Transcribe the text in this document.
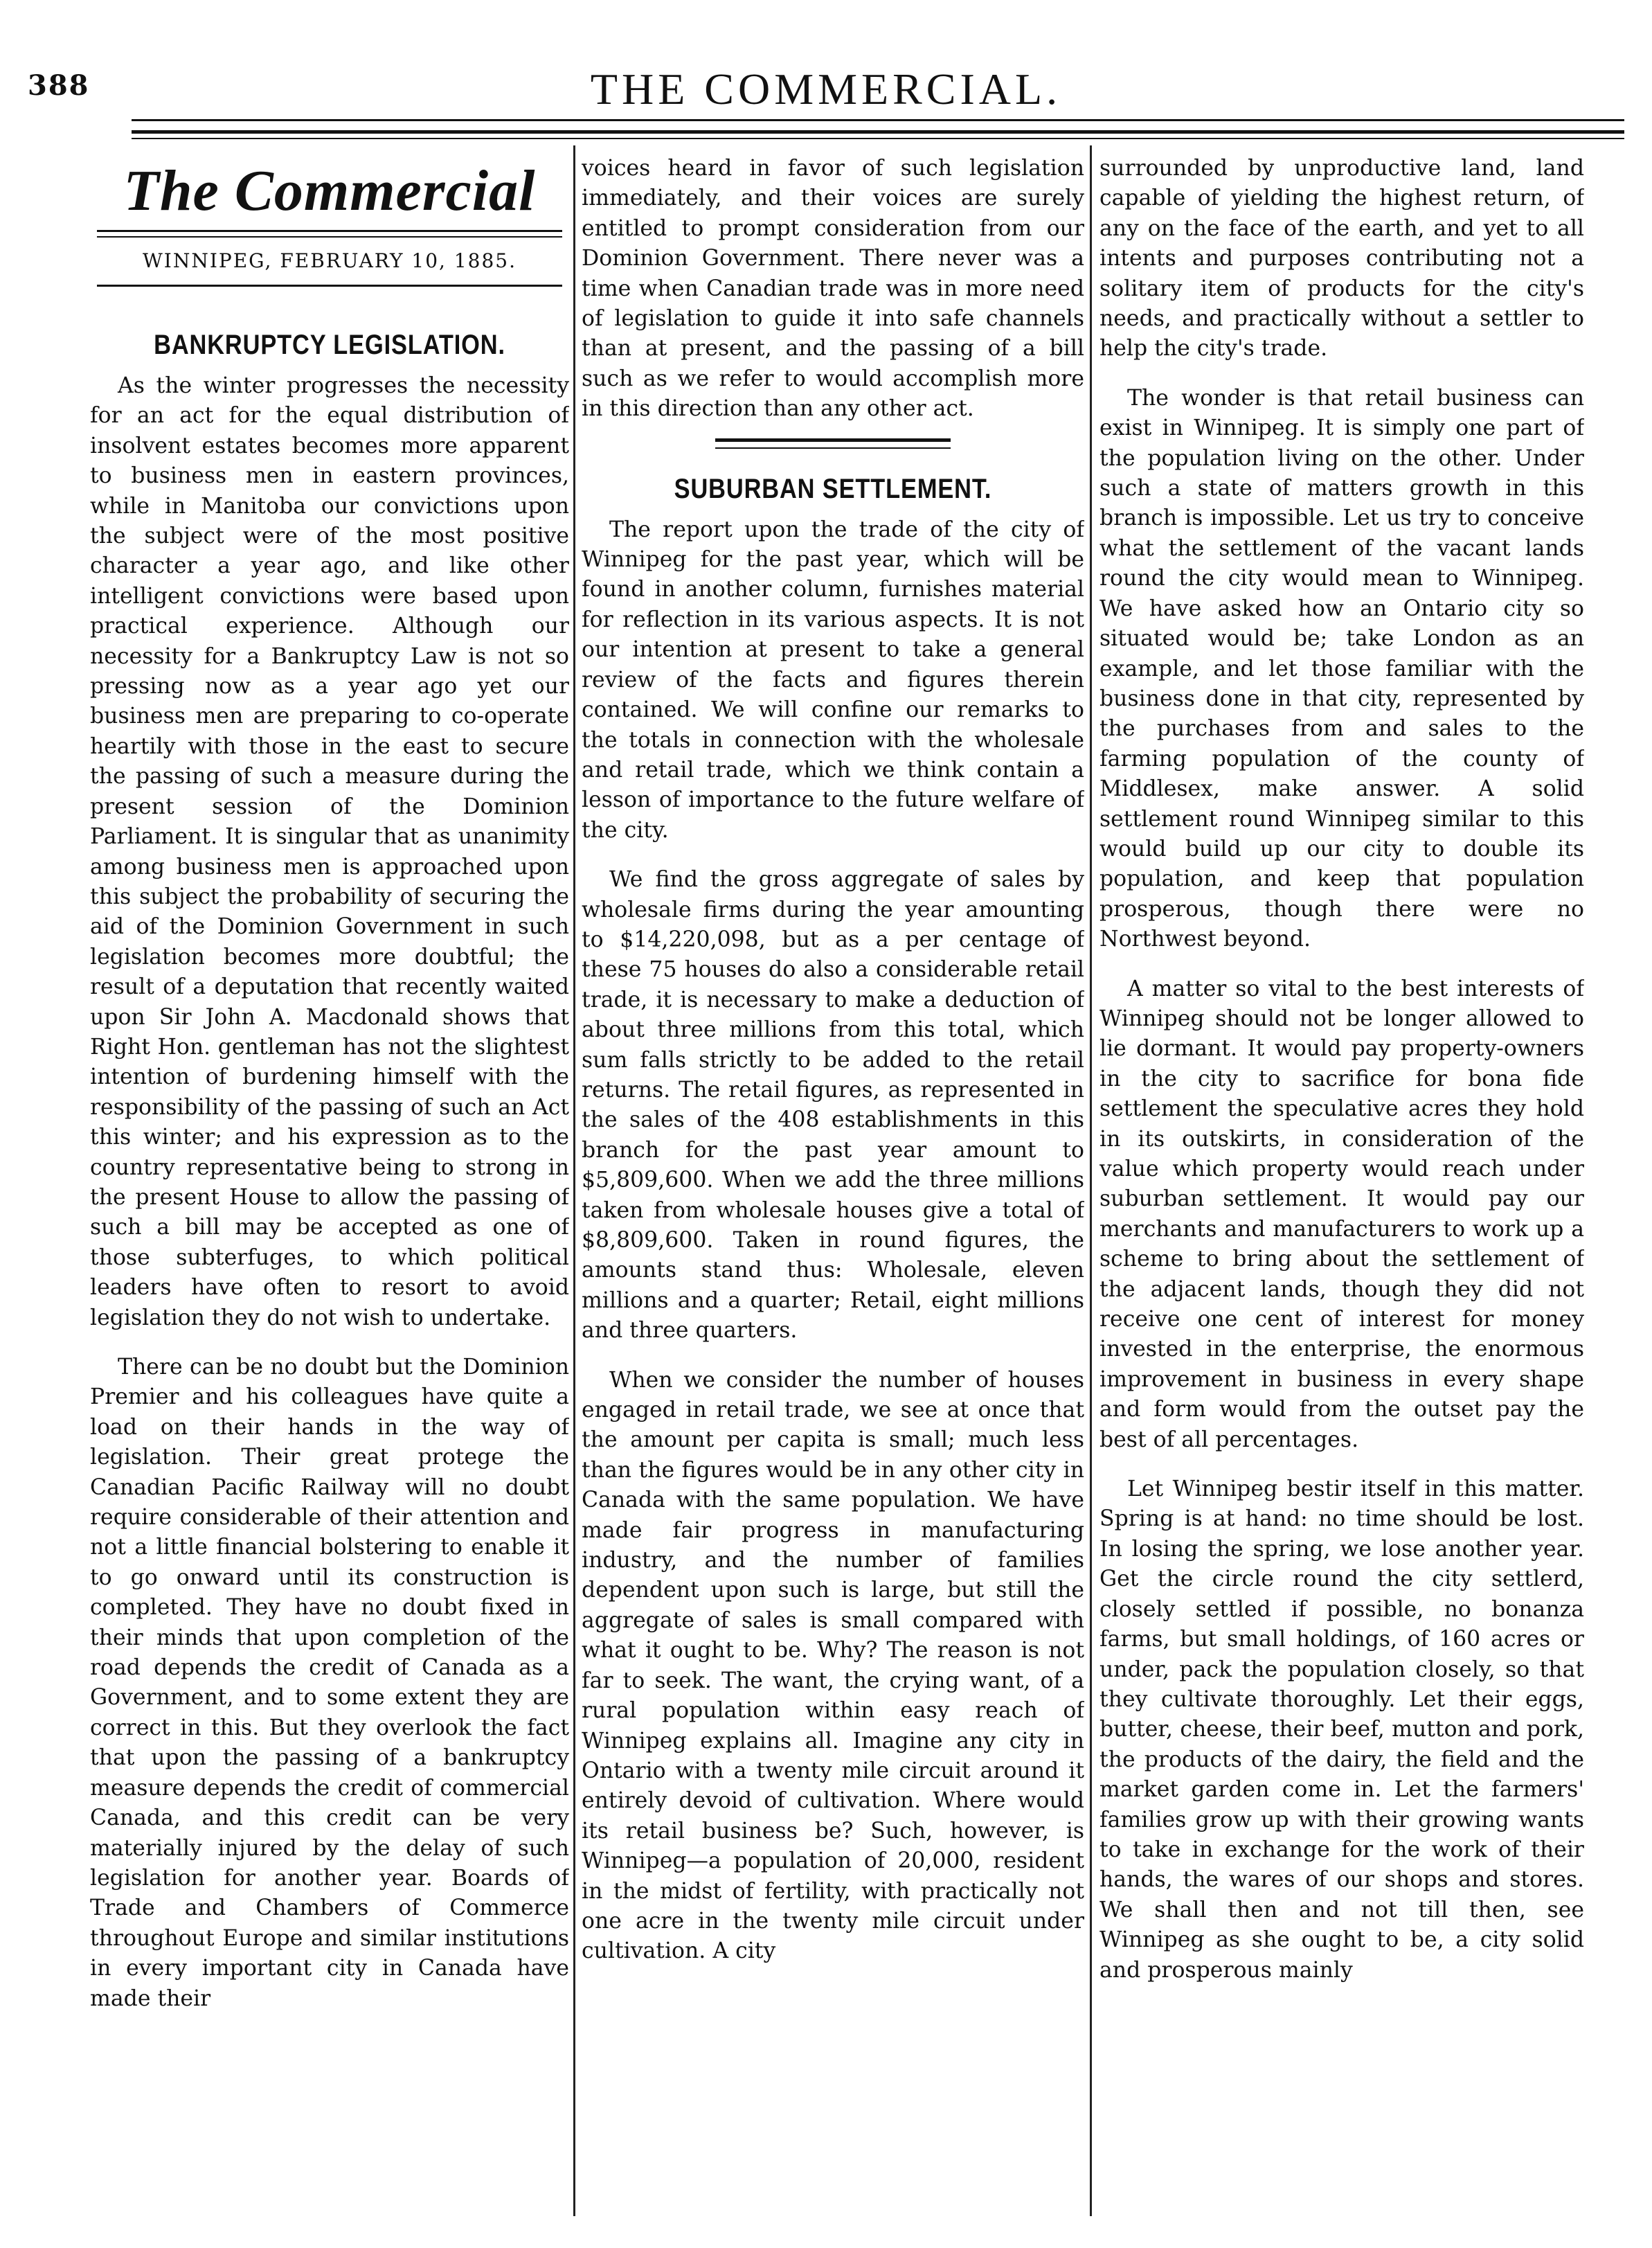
388	THE COMMERCIAL.
The Commercial
WINNIPEG, FEBRUARY 10, 1885.
BANKRUPTCY LEGISLATION.

As the winter progresses the necessity for an act for the equal distribution of insolvent estates becomes more apparent to business men in eastern provinces, while in Manitoba our convictions upon the subject were of the most positive character a year ago, and like other intelligent convictions were based upon practical experience. Although our necessity for a Bankruptcy Law is not so pressing now as a year ago yet our business men are preparing to co-operate heartily with those in the east to secure the passing of such a measure during the present session of the Dominion Parliament. It is singular that as unanimity among business men is approached upon this subject the probability of securing the aid of the Dominion Government in such legislation becomes more doubtful; the result of a deputation that recently waited upon Sir John A. Macdonald shows that Right Hon. gentleman has not the slightest intention of burdening himself with the responsibility of the passing of such an Act this winter; and his expression as to the country representative being to strong in the present House to allow the passing of such a bill may be accepted as one of those subterfuges, to which political leaders have often to resort to avoid legislation they do not wish to undertake.

There can be no doubt but the Dominion Premier and his colleagues have quite a load on their hands in the way of legislation. Their great protege the Canadian Pacific Railway will no doubt require considerable of their attention and not a little financial bolstering to enable it to go onward until its construction is completed. They have no doubt fixed in their minds that upon completion of the road depends the credit of Canada as a Government, and to some extent they are correct in this. But they overlook the fact that upon the passing of a bankruptcy measure depends the credit of commercial Canada, and this credit can be very materially injured by the delay of such legislation for another year. Boards of Trade and Chambers of Commerce throughout Europe and similar institutions in every important city in Canada have made their

voices heard in favor of such legislation immediately, and their voices are surely entitled to prompt consideration from our Dominion Government. There never was a time when Canadian trade was in more need of legislation to guide it into safe channels than at present, and the passing of a bill such as we refer to would accomplish more in this direction than any other act.

SUBURBAN SETTLEMENT.

The report upon the trade of the city of Winnipeg for the past year, which will be found in another column, furnishes material for reflection in its various aspects. It is not our intention at present to take a general review of the facts and figures therein contained. We will confine our remarks to the totals in connection with the wholesale and retail trade, which we think contain a lesson of importance to the future welfare of the city.

We find the gross aggregate of sales by wholesale firms during the year amounting to $14,220,098, but as a per centage of these 75 houses do also a considerable retail trade, it is necessary to make a deduction of about three millions from this total, which sum falls strictly to be added to the retail returns. The retail figures, as represented in the sales of the 408 establishments in this branch for the past year amount to $5,809,600. When we add the three millions taken from wholesale houses give a total of $8,809,600. Taken in round figures, the amounts stand thus: Wholesale, eleven millions and a quarter; Retail, eight millions and three quarters.

When we consider the number of houses engaged in retail trade, we see at once that the amount per capita is small; much less than the figures would be in any other city in Canada with the same population. We have made fair progress in manufacturing industry, and the number of families dependent upon such is large, but still the aggregate of sales is small compared with what it ought to be. Why? The reason is not far to seek. The want, the crying want, of a rural population within easy reach of Winnipeg explains all. Imagine any city in Ontario with a twenty mile circuit around it entirely devoid of cultivation. Where would its retail business be? Such, however, is Winnipeg—a population of 20,000, resident in the midst of fertility, with practically not one acre in the twenty mile circuit under cultivation. A city

surrounded by unproductive land, land capable of yielding the highest return, of any on the face of the earth, and yet to all intents and purposes contributing not a solitary item of products for the city's needs, and practically without a settler to help the city's trade.

The wonder is that retail business can exist in Winnipeg. It is simply one part of the population living on the other. Under such a state of matters growth in this branch is impossible. Let us try to conceive what the settlement of the vacant lands round the city would mean to Winnipeg. We have asked how an Ontario city so situated would be; take London as an example, and let those familiar with the business done in that city, represented by the purchases from and sales to the farming population of the county of Middlesex, make answer. A solid settlement round Winnipeg similar to this would build up our city to double its population, and keep that population prosperous, though there were no Northwest beyond.

A matter so vital to the best interests of Winnipeg should not be longer allowed to lie dormant. It would pay property-owners in the city to sacrifice for bona fide settlement the speculative acres they hold in its outskirts, in consideration of the value which property would reach under suburban settlement. It would pay our merchants and manufacturers to work up a scheme to bring about the settlement of the adjacent lands, though they did not receive one cent of interest for money invested in the enterprise, the enormous improvement in business in every shape and form would from the outset pay the best of all percentages.

Let Winnipeg bestir itself in this matter. Spring is at hand: no time should be lost. In losing the spring, we lose another year. Get the circle round the city settlerd, closely settled if possible, no bonanza farms, but small holdings, of 160 acres or under, pack the population closely, so that they cultivate thoroughly. Let their eggs, butter, cheese, their beef, mutton and pork, the products of the dairy, the field and the market garden come in. Let the farmers' families grow up with their growing wants to take in exchange for the work of their hands, the wares of our shops and stores. We shall then and not till then, see Winnipeg as she ought to be, a city solid and prosperous mainly
